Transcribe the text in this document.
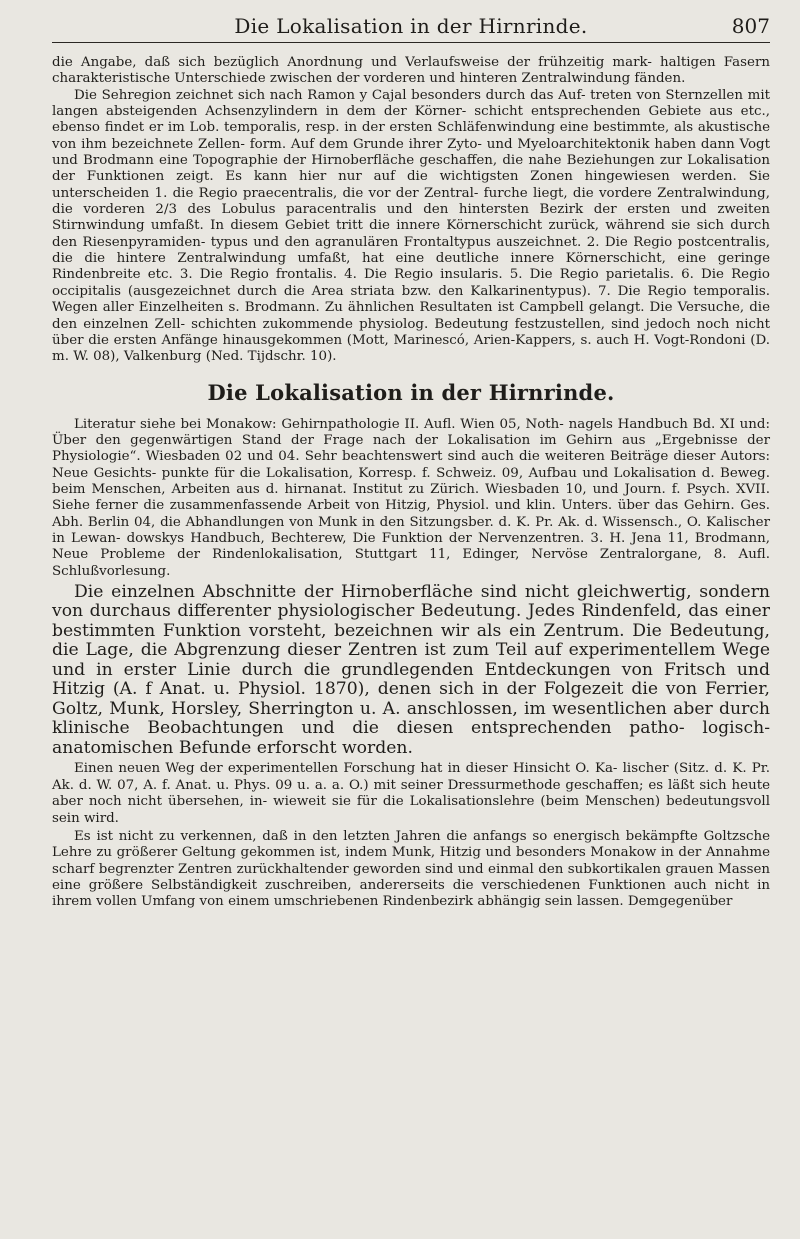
Die Lokalisation in der Hirnrinde.	807

die Angabe, daß sich bezüglich Anordnung und Verlaufsweise der frühzeitig mark- haltigen Fasern charakteristische Unterschiede zwischen der vorderen und hinteren Zentralwindung fänden.

Die Sehregion zeichnet sich nach Ramon y Cajal besonders durch das Auf- treten von Sternzellen mit langen absteigenden Achsenzylindern in dem der Körner- schicht entsprechenden Gebiete aus etc., ebenso findet er im Lob. temporalis, resp. in der ersten Schläfenwindung eine bestimmte, als akustische von ihm bezeichnete Zellen- form. Auf dem Grunde ihrer Zyto- und Myeloarchitektonik haben dann Vogt und Brodmann eine Topographie der Hirnoberfläche geschaffen, die nahe Beziehungen zur Lokalisation der Funktionen zeigt. Es kann hier nur auf die wichtigsten Zonen hingewiesen werden. Sie unterscheiden 1. die Regio praecentralis, die vor der Zentral- furche liegt, die vordere Zentralwindung, die vorderen 2/3 des Lobulus paracentralis und den hintersten Bezirk der ersten und zweiten Stirnwindung umfaßt. In diesem Gebiet tritt die innere Körnerschicht zurück, während sie sich durch den Riesenpyramiden- typus und den agranulären Frontaltypus auszeichnet. 2. Die Regio postcentralis, die die hintere Zentralwindung umfaßt, hat eine deutliche innere Körnerschicht, eine geringe Rindenbreite etc. 3. Die Regio frontalis. 4. Die Regio insularis. 5. Die Regio parietalis. 6. Die Regio occipitalis (ausgezeichnet durch die Area striata bzw. den Kalkarinentypus). 7. Die Regio temporalis. Wegen aller Einzelheiten s. Brodmann. Zu ähnlichen Resultaten ist Campbell gelangt. Die Versuche, die den einzelnen Zell- schichten zukommende physiolog. Bedeutung festzustellen, sind jedoch noch nicht über die ersten Anfänge hinausgekommen (Mott, Marinescó, Arien-Kappers, s. auch H. Vogt-Rondoni (D. m. W. 08), Valkenburg (Ned. Tijdschr. 10).

Die Lokalisation in der Hirnrinde.

Literatur siehe bei Monakow: Gehirnpathologie II. Aufl. Wien 05, Noth- nagels Handbuch Bd. XI und: Über den gegenwärtigen Stand der Frage nach der Lokalisation im Gehirn aus „Ergebnisse der Physiologie“. Wiesbaden 02 und 04. Sehr beachtenswert sind auch die weiteren Beiträge dieser Autors: Neue Gesichts- punkte für die Lokalisation, Korresp. f. Schweiz. 09, Aufbau und Lokalisation d. Beweg. beim Menschen, Arbeiten aus d. hirnanat. Institut zu Zürich. Wiesbaden 10, und Journ. f. Psych. XVII. Siehe ferner die zusammenfassende Arbeit von Hitzig, Physiol. und klin. Unters. über das Gehirn. Ges. Abh. Berlin 04, die Abhandlungen von Munk in den Sitzungsber. d. K. Pr. Ak. d. Wissensch., O. Kalischer in Lewan- dowskys Handbuch, Bechterew, Die Funktion der Nervenzentren. 3. H. Jena 11, Brodmann, Neue Probleme der Rindenlokalisation, Stuttgart 11, Edinger, Nervöse Zentralorgane, 8. Aufl. Schlußvorlesung.

Die einzelnen Abschnitte der Hirnoberfläche sind nicht gleichwertig, sondern von durchaus differenter physiologischer Bedeutung. Jedes Rindenfeld, das einer bestimmten Funktion vorsteht, bezeichnen wir als ein Zentrum. Die Bedeutung, die Lage, die Abgrenzung dieser Zentren ist zum Teil auf experimentellem Wege und in erster Linie durch die grundlegenden Entdeckungen von Fritsch und Hitzig (A. f Anat. u. Physiol. 1870), denen sich in der Folgezeit die von Ferrier, Goltz, Munk, Horsley, Sherrington u. A. anschlossen, im wesentlichen aber durch klinische Beobachtungen und die diesen entsprechenden patho- logisch-anatomischen Befunde erforscht worden.

Einen neuen Weg der experimentellen Forschung hat in dieser Hinsicht O. Ka- lischer (Sitz. d. K. Pr. Ak. d. W. 07, A. f. Anat. u. Phys. 09 u. a. a. O.) mit seiner Dressurmethode geschaffen; es läßt sich heute aber noch nicht übersehen, in- wieweit sie für die Lokalisationslehre (beim Menschen) bedeutungsvoll sein wird.

Es ist nicht zu verkennen, daß in den letzten Jahren die anfangs so energisch bekämpfte Goltzsche Lehre zu größerer Geltung gekommen ist, indem Munk, Hitzig und besonders Monakow in der Annahme scharf begrenzter Zentren zurückhaltender geworden sind und einmal den subkortikalen grauen Massen eine größere Selbständigkeit zuschreiben, andererseits die verschiedenen Funktionen auch nicht in ihrem vollen Umfang von einem umschriebenen Rindenbezirk abhängig sein lassen. Demgegenüber
